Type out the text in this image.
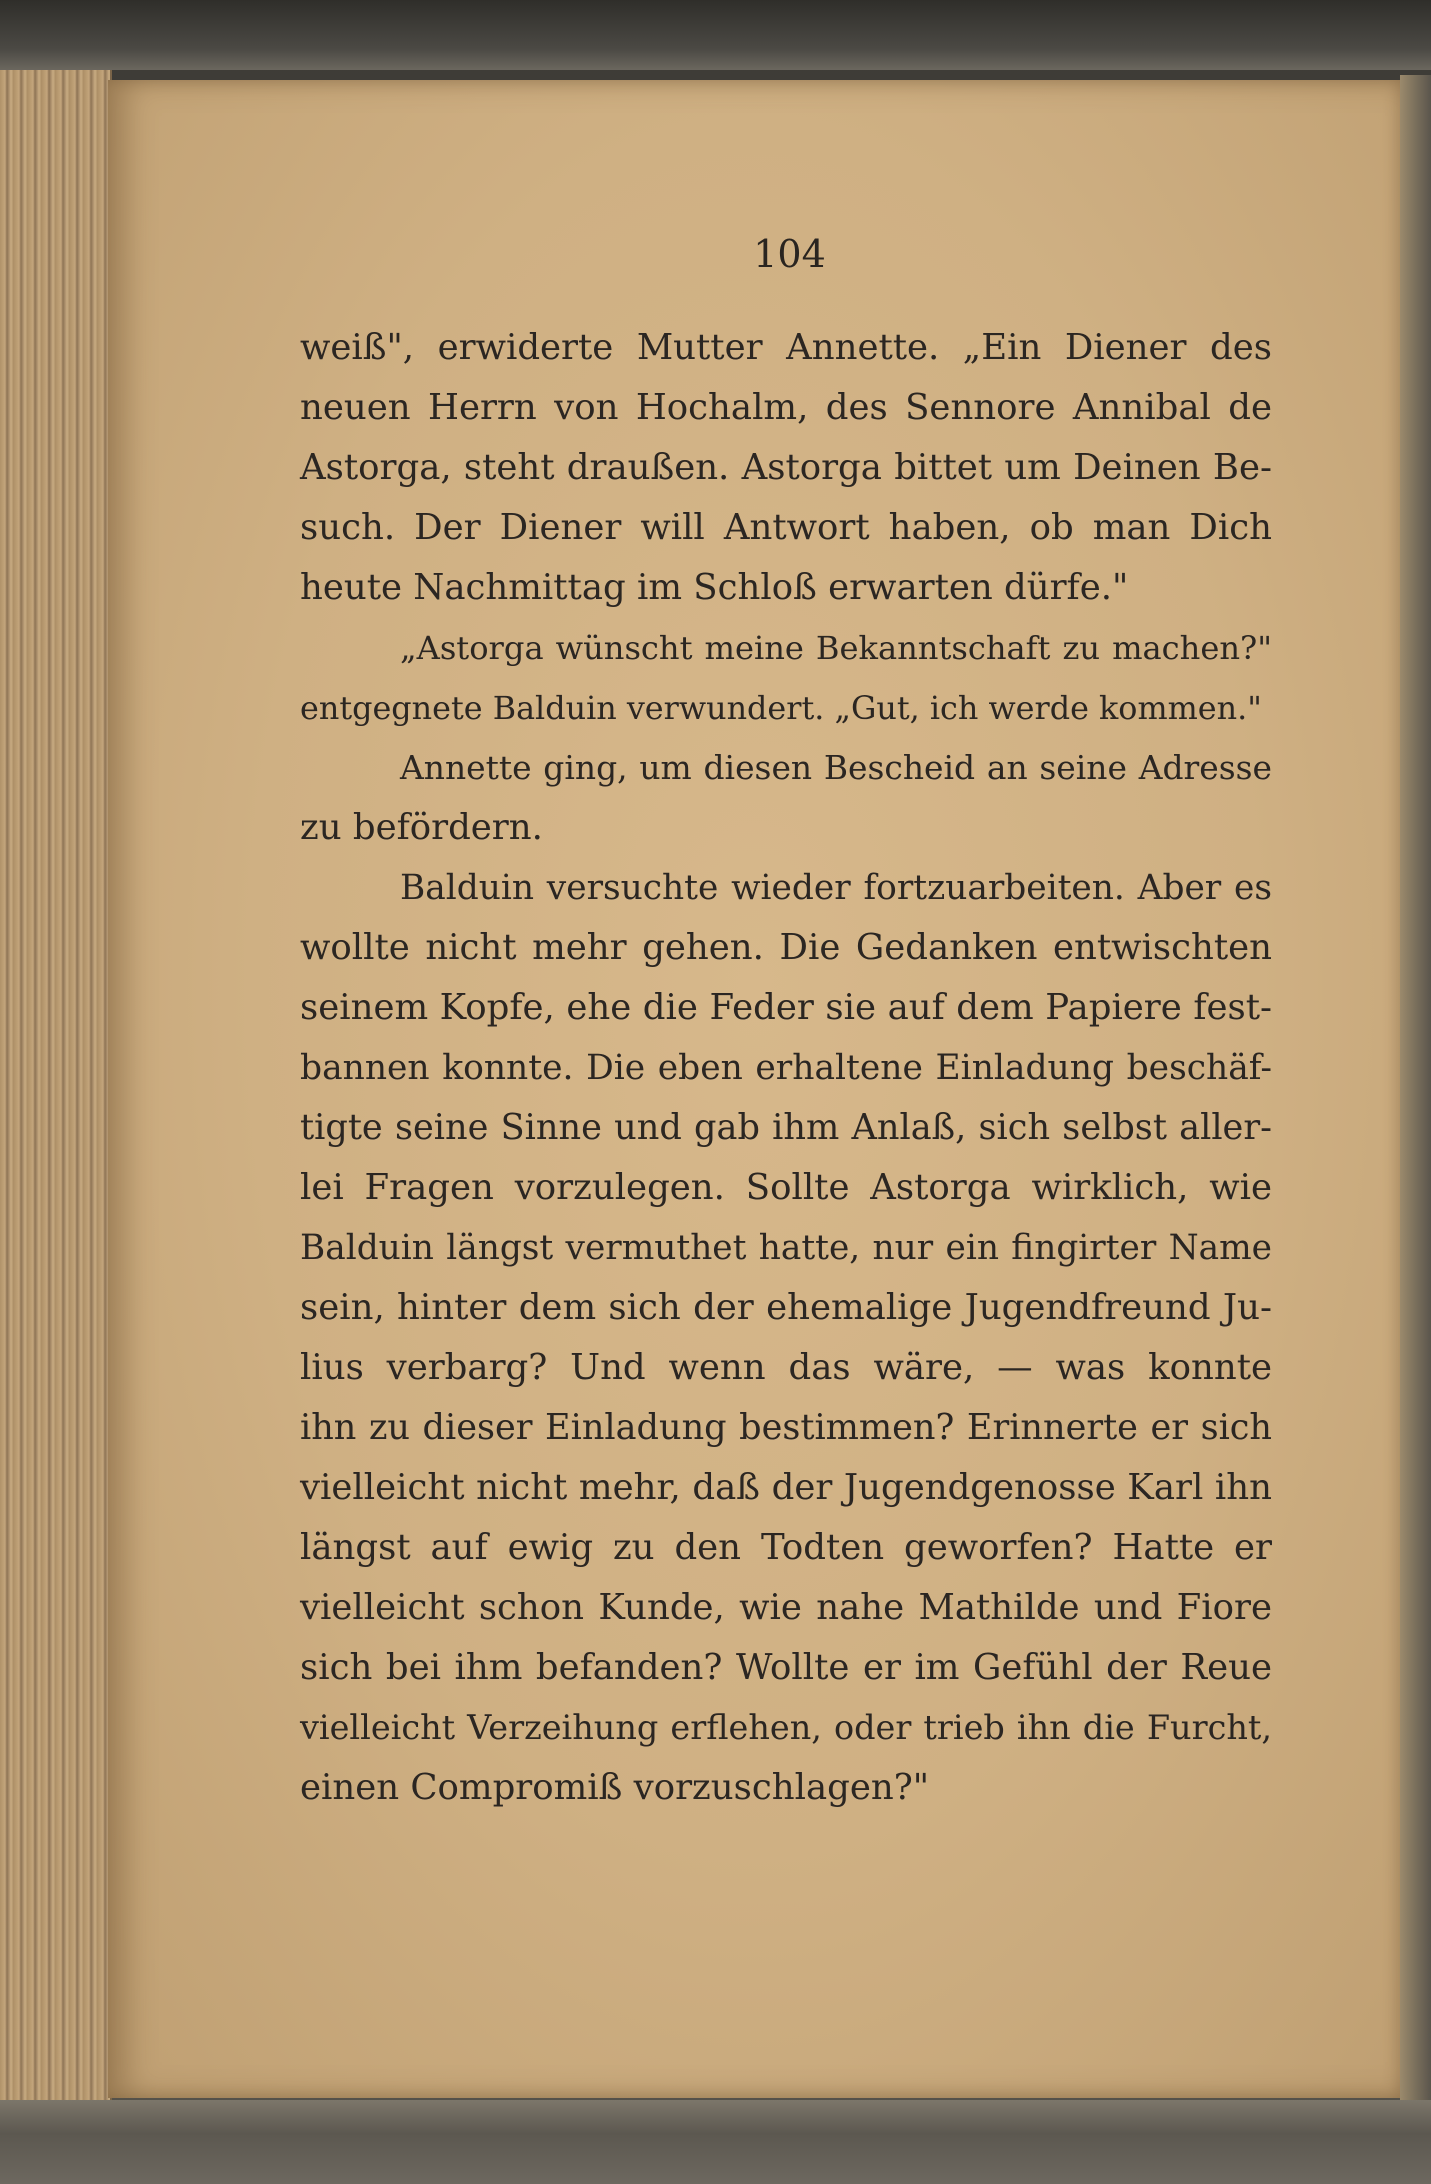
104
weiß", erwiderte Mutter Annette. „Ein Diener des
neuen Herrn von Hochalm, des Sennore Annibal de
Astorga, steht draußen. Astorga bittet um Deinen Be-
such. Der Diener will Antwort haben, ob man Dich
heute Nachmittag im Schloß erwarten dürfe."
„Astorga wünscht meine Bekanntschaft zu machen?"
entgegnete Balduin verwundert. „Gut, ich werde kommen."
Annette ging, um diesen Bescheid an seine Adresse
zu befördern.
Balduin versuchte wieder fortzuarbeiten. Aber es
wollte nicht mehr gehen. Die Gedanken entwischten
seinem Kopfe, ehe die Feder sie auf dem Papiere fest-
bannen konnte. Die eben erhaltene Einladung beschäf-
tigte seine Sinne und gab ihm Anlaß, sich selbst aller-
lei Fragen vorzulegen. Sollte Astorga wirklich, wie
Balduin längst vermuthet hatte, nur ein fingirter Name
sein, hinter dem sich der ehemalige Jugendfreund Ju-
lius verbarg? Und wenn das wäre, — was konnte
ihn zu dieser Einladung bestimmen? Erinnerte er sich
vielleicht nicht mehr, daß der Jugendgenosse Karl ihn
längst auf ewig zu den Todten geworfen? Hatte er
vielleicht schon Kunde, wie nahe Mathilde und Fiore
sich bei ihm befanden? Wollte er im Gefühl der Reue
vielleicht Verzeihung erflehen, oder trieb ihn die Furcht,
einen Compromiß vorzuschlagen?"
